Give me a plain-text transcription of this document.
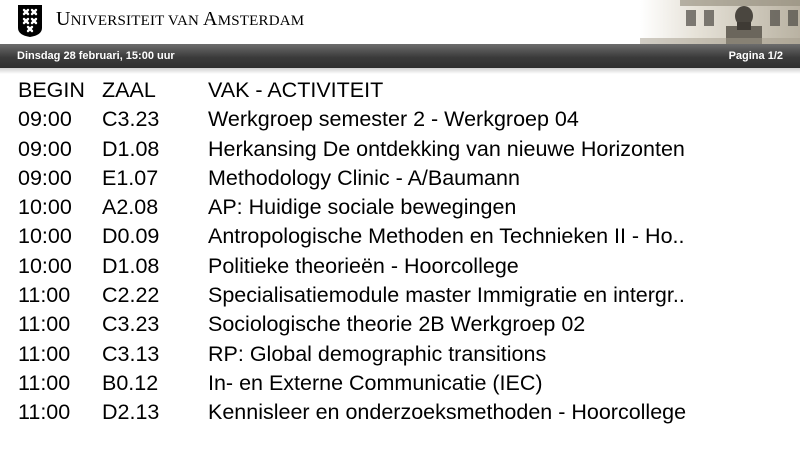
UNIVERSITEIT VAN AMSTERDAM
Dinsdag 28 februari, 15:00 uur	Pagina 1/2
BEGIN ZAAL VAK - ACTIVITEIT
09:00 C3.23 Werkgroep semester 2 - Werkgroep 04
09:00 D1.08 Herkansing De ontdekking van nieuwe Horizonten
09:00 E1.07 Methodology Clinic - A/Baumann
10:00 A2.08 AP: Huidige sociale bewegingen
10:00 D0.09 Antropologische Methoden en Technieken II - Ho..
10:00 D1.08 Politieke theorieën - Hoorcollege
11:00 C2.22 Specialisatiemodule master Immigratie en intergr..
11:00 C3.23 Sociologische theorie 2B Werkgroep 02
11:00 C3.13 RP: Global demographic transitions
11:00 B0.12 In- en Externe Communicatie (IEC)
11:00 D2.13 Kennisleer en onderzoeksmethoden - Hoorcollege
